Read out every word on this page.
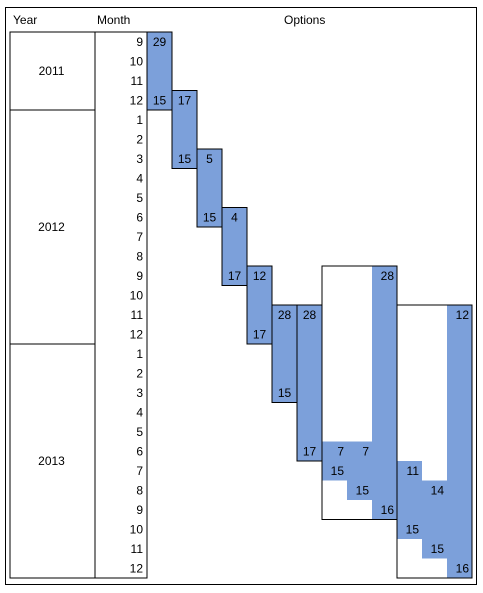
Year	Month	Options
2011
2012
2013
9
10
11
12
1
2
3
4
5
6
7
8
9
10
11
12
1
2
3
4
5
6
7
8
9
10
11
12
29
15 17
15 5
15 4
17 12
17
28
15
28
17
28
16
7 7
15
15
12
16
11
14
15
15
